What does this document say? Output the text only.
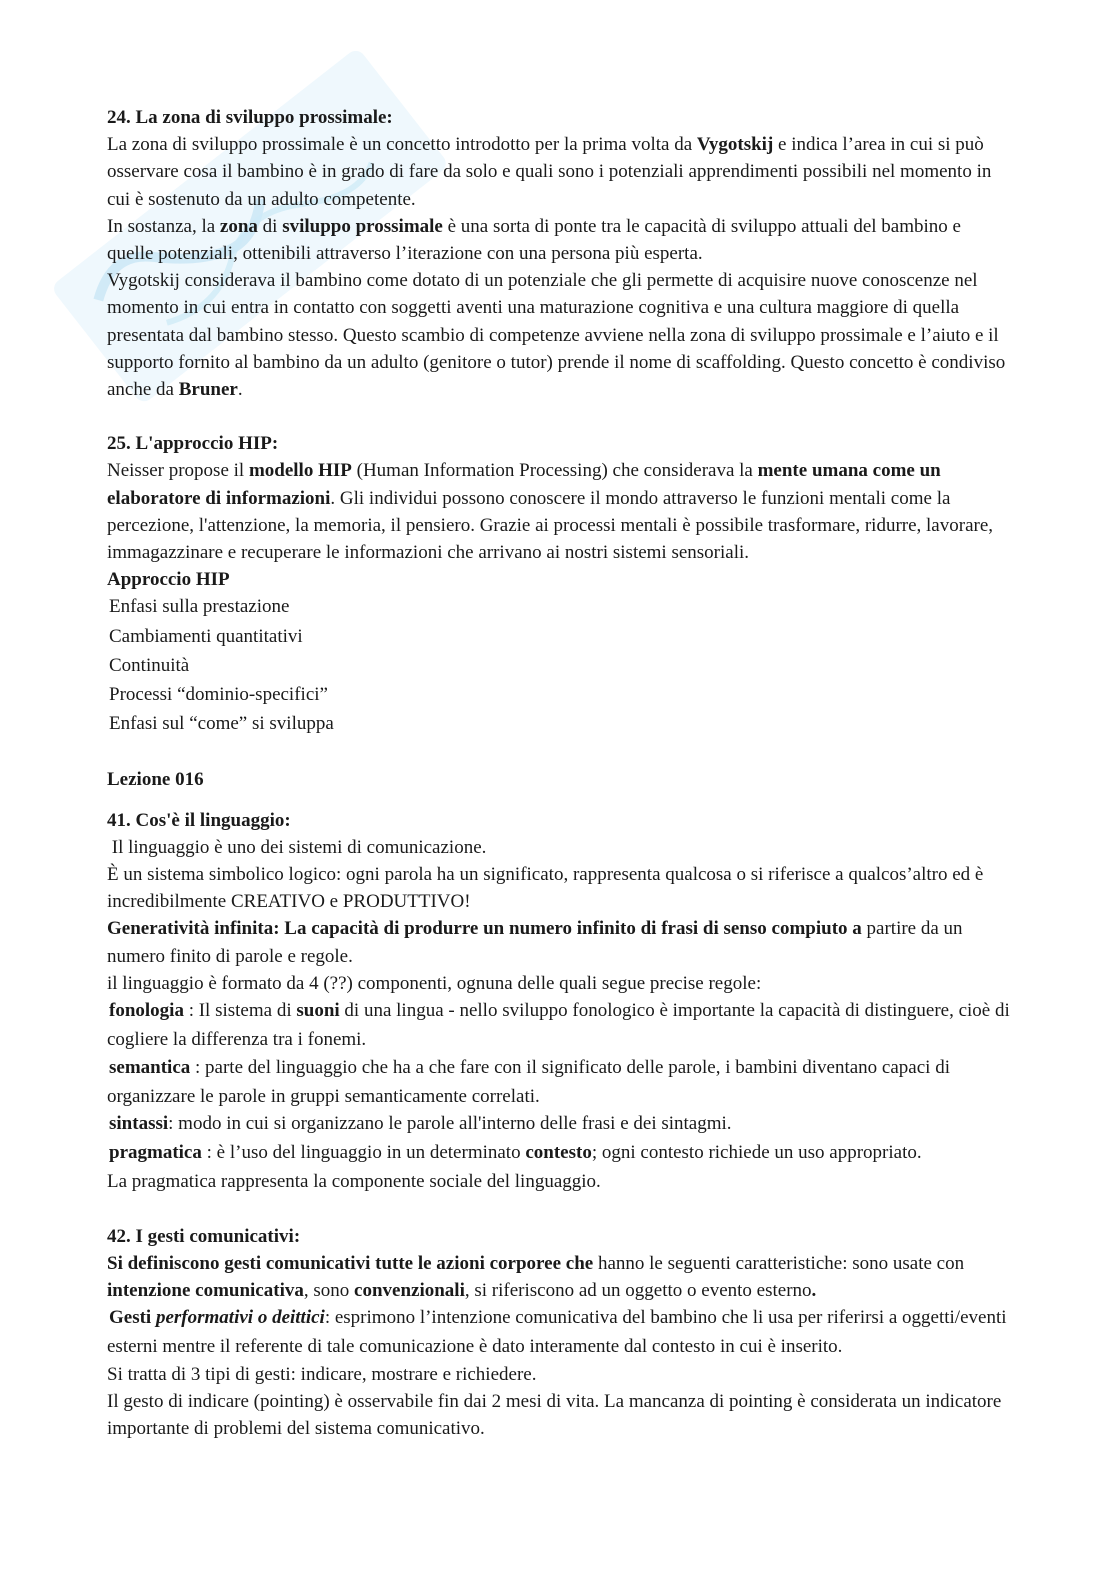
24. La zona di sviluppo prossimale:

La zona di sviluppo prossimale è un concetto introdotto per la prima volta da Vygotskij e indica l’area in cui si può osservare cosa il bambino è in grado di fare da solo e quali sono i potenziali apprendimenti possibili nel momento in cui è sostenuto da un adulto competente.

In sostanza, la zona di sviluppo prossimale è una sorta di ponte tra le capacità di sviluppo attuali del bambino e quelle potenziali, ottenibili attraverso l’iterazione con una persona più esperta.

Vygotskij considerava il bambino come dotato di un potenziale che gli permette di acquisire nuove conoscenze nel momento in cui entra in contatto con soggetti aventi una maturazione cognitiva e una cultura maggiore di quella presentata dal bambino stesso. Questo scambio di competenze avviene nella zona di sviluppo prossimale e l’aiuto e il supporto fornito al bambino da un adulto (genitore o tutor) prende il nome di scaffolding. Questo concetto è condiviso anche da Bruner.

25. L'approccio HIP:

Neisser propose il modello HIP (Human Information Processing) che considerava la mente umana come un elaboratore di informazioni. Gli individui possono conoscere il mondo attraverso le funzioni mentali come la percezione, l'attenzione, la memoria, il pensiero. Grazie ai processi mentali è possibile trasformare, ridurre, lavorare, immagazzinare e recuperare le informazioni che arrivano ai nostri sistemi sensoriali.

Approccio HIP
Enfasi sulla prestazione
Cambiamenti quantitativi
Continuità
Processi “dominio-specifici”
Enfasi sul “come” si sviluppa
Lezione 016
41. Cos'è il linguaggio:

Il linguaggio è uno dei sistemi di comunicazione.

È un sistema simbolico logico: ogni parola ha un significato, rappresenta qualcosa o si riferisce a qualcos’altro ed è incredibilmente CREATIVO e PRODUTTIVO!

Generatività infinita: La capacità di produrre un numero infinito di frasi di senso compiuto a partire da un numero finito di parole e regole.

il linguaggio è formato da 4 (??) componenti, ognuna delle quali segue precise regole:

fonologia : Il sistema di suoni di una lingua - nello sviluppo fonologico è importante la capacità di distinguere, cioè di cogliere la differenza tra i fonemi.

semantica : parte del linguaggio che ha a che fare con il significato delle parole, i bambini diventano capaci di organizzare le parole in gruppi semanticamente correlati.

sintassi: modo in cui si organizzano le parole all'interno delle frasi e dei sintagmi.

pragmatica : è l’uso del linguaggio in un determinato contesto; ogni contesto richiede un uso appropriato.

La pragmatica rappresenta la componente sociale del linguaggio.

42. I gesti comunicativi:

Si definiscono gesti comunicativi tutte le azioni corporee che hanno le seguenti caratteristiche: sono usate con intenzione comunicativa, sono convenzionali, si riferiscono ad un oggetto o evento esterno.

Gesti performativi o deittici: esprimono l’intenzione comunicativa del bambino che li usa per riferirsi a oggetti/eventi esterni mentre il referente di tale comunicazione è dato interamente dal contesto in cui è inserito.

Si tratta di 3 tipi di gesti: indicare, mostrare e richiedere.

Il gesto di indicare (pointing) è osservabile fin dai 2 mesi di vita. La mancanza di pointing è considerata un indicatore importante di problemi del sistema comunicativo.
